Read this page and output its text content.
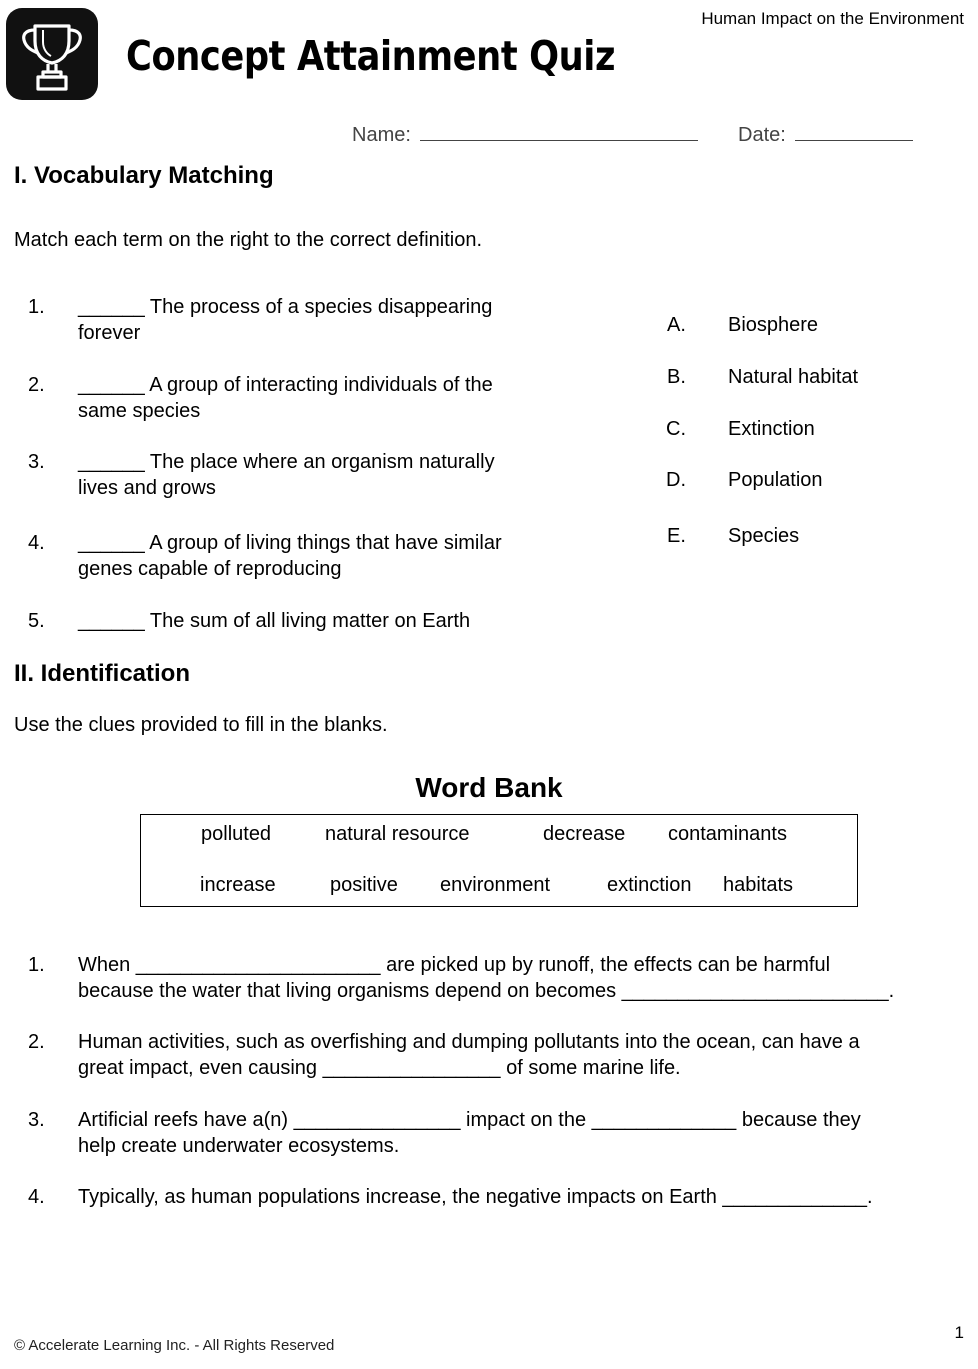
Concept Attainment Quiz
Human Impact on the Environment
Name:	Date:
I. Vocabulary Matching
Match each term on the right to the correct definition.
1. ______ The process of a species disappearing
forever
2. ______ A group of interacting individuals of the
same species
3. ______ The place where an organism naturally
lives and grows
4. ______ A group of living things that have similar
genes capable of reproducing
5. ______ The sum of all living matter on Earth
A. Biosphere
B. Natural habitat
C. Extinction
D. Population
E. Species
II. Identification
Use the clues provided to fill in the blanks.
Word Bank
polluted	natural resource	decrease contaminants
increase	positive environment	extinction habitats
1. When ______________________ are picked up by runoff, the effects can be harmful
because the water that living organisms depend on becomes ________________________.
2. Human activities, such as overfishing and dumping pollutants into the ocean, can have a
great impact, even causing ________________ of some marine life.
3. Artificial reefs have a(n) _______________ impact on the _____________ because they
help create underwater ecosystems.
4. Typically, as human populations increase, the negative impacts on Earth _____________.
© Accelerate Learning Inc. - All Rights Reserved
1
